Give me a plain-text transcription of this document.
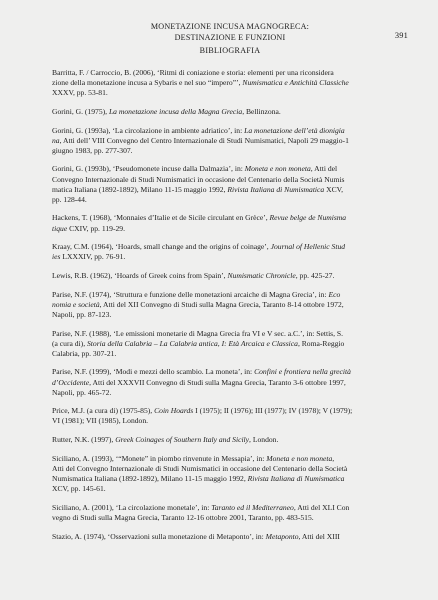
MONETAZIONE INCUSA MAGNOGRECA:
DESTINAZIONE E FUNZIONI	391
BIBLIOGRAFIA

Barritta, F. / Carroccio, B. (2006), ‘Ritmi di coniazione e storia: elementi per una riconsidera
zione della monetazione incusa a Sybaris e nel suo “impero”’, Numismatica e Antichità Classiche
XXXV, pp. 53-81.

Gorini, G. (1975), La monetazione incusa della Magna Grecia, Bellinzona.

Gorini, G. (1993a), ‘La circolazione in ambiente adriatico’, in: La monetazione dell’età dionigia
na, Atti dell’ VIII Convegno del Centro Internazionale di Studi Numismatici, Napoli 29 maggio-1
giugno 1983, pp. 277-307.

Gorini, G. (1993b), ‘Pseudomonete incuse dalla Dalmazia’, in: Moneta e non moneta, Atti del
Convegno Internazionale di Studi Numismatici in occasione del Centenario della Società Numis
matica Italiana (1892-1892), Milano 11-15 maggio 1992, Rivista Italiana di Numismatica XCV,
pp. 128-44.

Hackens, T. (1968), ‘Monnaies d’Italie et de Sicile circulant en Grèce’, Revue belge de Numisma
tique CXIV, pp. 119-29.

Kraay, C.M. (1964), ‘Hoards, small change and the origins of coinage’, Journal of Hellenic Stud
ies LXXXIV, pp. 76-91.

Lewis, R.B. (1962), ‘Hoards of Greek coins from Spain’, Numismatic Chronicle, pp. 425-27.

Parise, N.F. (1974), ‘Struttura e funzione delle monetazioni arcaiche di Magna Grecia’, in: Eco
nomia e società, Atti del XII Convegno di Studi sulla Magna Grecia, Taranto 8-14 ottobre 1972,
Napoli, pp. 87-123.

Parise, N.F. (1988), ‘Le emissioni monetarie di Magna Grecia fra VI e V sec. a.C.’, in: Settis, S.
(a cura di), Storia della Calabria – La Calabria antica, I: Età Arcaica e Classica, Roma-Reggio
Calabria, pp. 307-21.

Parise, N.F. (1999), ‘Modi e mezzi dello scambio. La moneta’, in: Confini e frontiera nella grecità
d’Occidente, Atti del XXXVII Convegno di Studi sulla Magna Grecia, Taranto 3-6 ottobre 1997,
Napoli, pp. 465-72.

Price, M.J. (a cura di) (1975-85), Coin Hoards I (1975); II (1976); III (1977); IV (1978); V (1979);
VI (1981); VII (1985), London.

Rutter, N.K. (1997), Greek Coinages of Southern Italy and Sicily, London.

Siciliano, A. (1993), ‘“Monete” in piombo rinvenute in Messapia’, in: Moneta e non moneta,
Atti del Convegno Internazionale di Studi Numismatici in occasione del Centenario della Società
Numismatica Italiana (1892-1892), Milano 11-15 maggio 1992, Rivista Italiana di Numismatica
XCV, pp. 145-61.

Siciliano, A. (2001), ‘La circolazione monetale’, in: Taranto ed il Mediterraneo, Atti del XLI Con
vegno di Studi sulla Magna Grecia, Taranto 12-16 ottobre 2001, Taranto, pp. 483-515.

Stazio, A. (1974), ‘Osservazioni sulla monetazione di Metaponto’, in: Metaponto, Atti del XIII
